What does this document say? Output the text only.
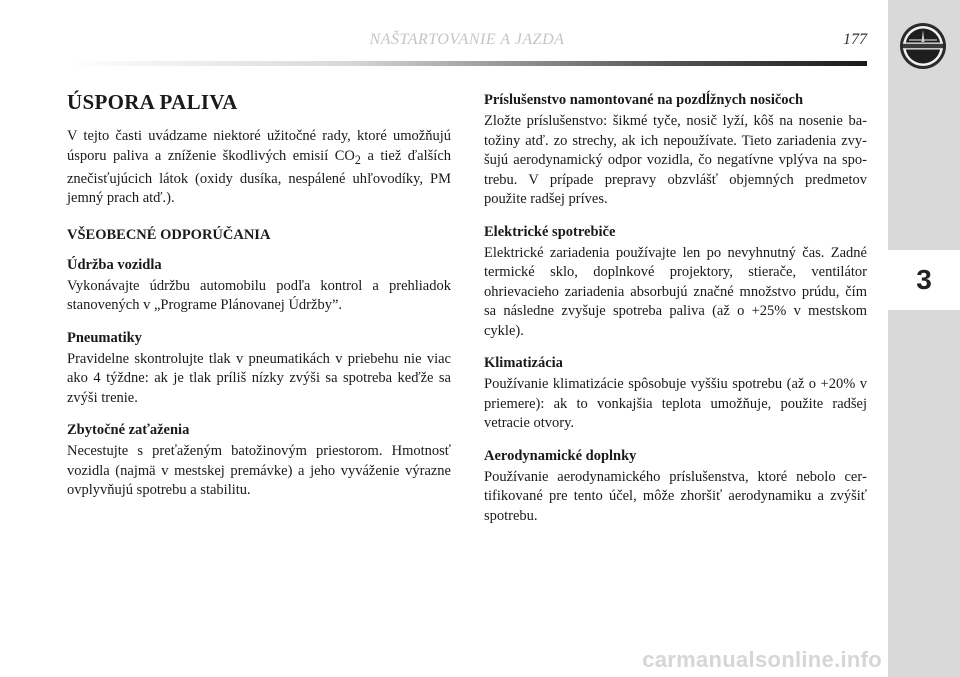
NAŠTARTOVANIE A JAZDA	177
3
ÚSPORA PALIVA

V tejto časti uvádzame niektoré užitočné rady, ktoré umožňujú úsporu paliva a zníženie škodlivých emisií $CO_2$ a tiež ďalších znečisťujúcich látok (oxidy dusíka, nespálené uhľovodíky, PM jemný prach atď.).

VŠEOBECNÉ ODPORÚČANIA
Údržba vozidla

Vykonávajte údržbu automobilu podľa kontrol a prehliadok stanovených v „Programe Plánovanej Údržby”.

Pneumatiky

Pravidelne skontrolujte tlak v pneumatikách v priebehu nie viac ako 4 týždne: ak je tlak príliš nízky zvýši sa spotreba keďže sa zvýši trenie.

Zbytočné zaťaženia

Necestujte s preťaženým batožinovým priestorom. Hmotnosť vozidla (najmä v mestskej premávke) a jeho vyváženie výrazne ovplyvňujú spotrebu a stabilitu.

Príslušenstvo namontované na pozdĺžnych nosičoch

Zložte príslušenstvo: šikmé tyče, nosič lyží, kôš na nosenie batožiny atď. zo strechy, ak ich nepoužívate. Tieto zariadenia zvyšujú aerodynamický odpor vozidla, čo negatívne vplýva na spotrebu. V prípade prepravy obzvlášť objemných predmetov použite radšej príves.

Elektrické spotrebiče

Elektrické zariadenia používajte len po nevyhnutný čas. Zadné termické sklo, doplnkové projektory, stierače, ventilátor ohrievacieho zariadenia absorbujú značné množstvo prúdu, čím sa následne zvyšuje spotreba paliva (až o +25% v mestskom cykle).

Klimatizácia

Používanie klimatizácie spôsobuje vyššiu spotrebu (až o +20% v priemere): ak to vonkajšia teplota umožňuje, použite radšej vetracie otvory.

Aerodynamické doplnky

Používanie aerodynamického príslušenstva, ktoré nebolo certifikované pre tento účel, môže zhoršiť aerodynamiku a zvýšiť spotrebu.

carmanualsonline.info
